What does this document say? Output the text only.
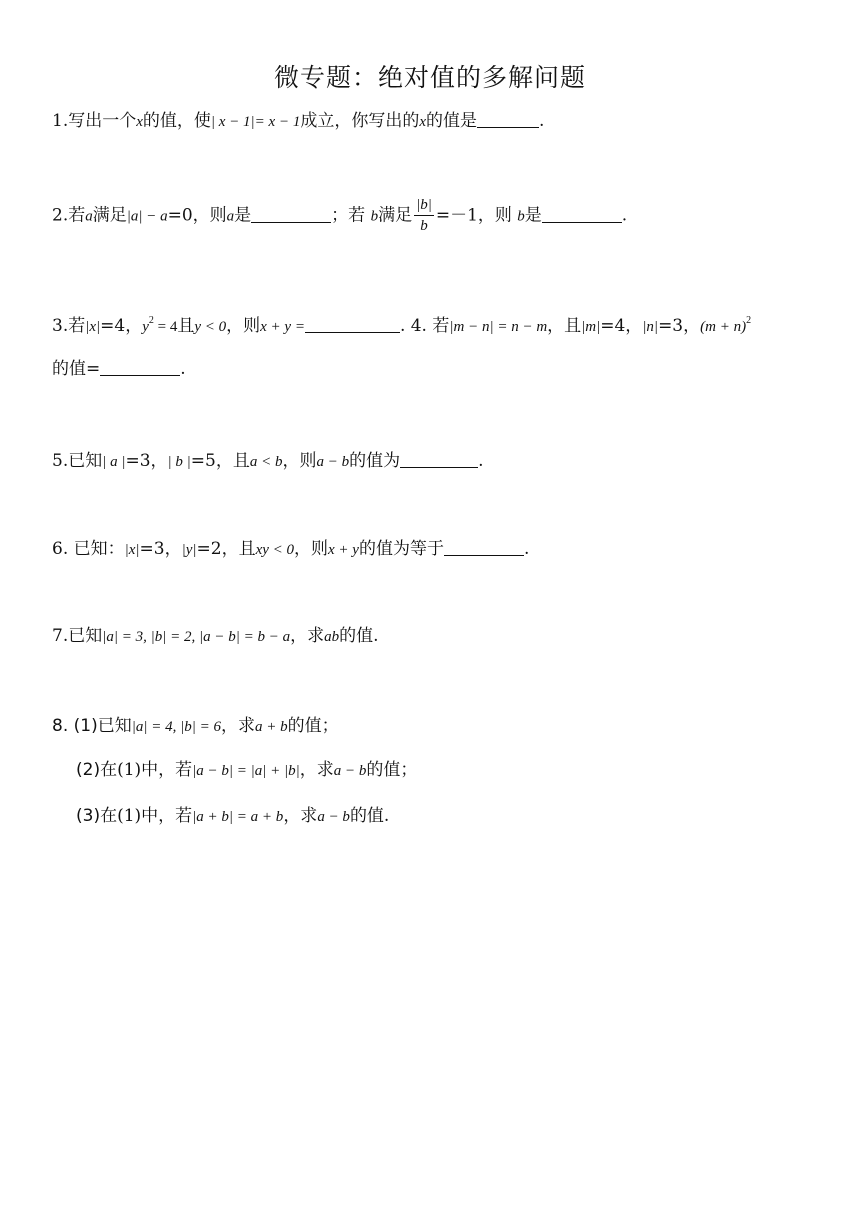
微专题：绝对值的多解问题
1.写出一个x的值，使| x − 1|= x − 1成立，你写出的x的值是	.
2.若a满足|a| − a=0，则a是	；若 b满足 $\frac{|b|}{b} =-1$，则 b是	.
3.若|x|=4，$y^2 = 4$且y < 0，则x + y =	. 4. 若|m − n| = n − m，且|m|=4，|n|=3，$(m + n)^2$
的值=	.
5.已知| a |=3，| b |=5，且a < b，则a − b的值为	.
6. 已知：|x|=3，|y|=2，且xy < 0，则x + y的值为等于	.
7.已知|a| = 3, |b| = 2, |a − b| = b − a，求ab的值.
8. (1)已知|a| = 4, |b| = 6，求a + b的值；
(2)在(1)中，若|a − b| = |a| + |b|，求a − b的值；
(3)在(1)中，若|a + b| = a + b，求a − b的值.
